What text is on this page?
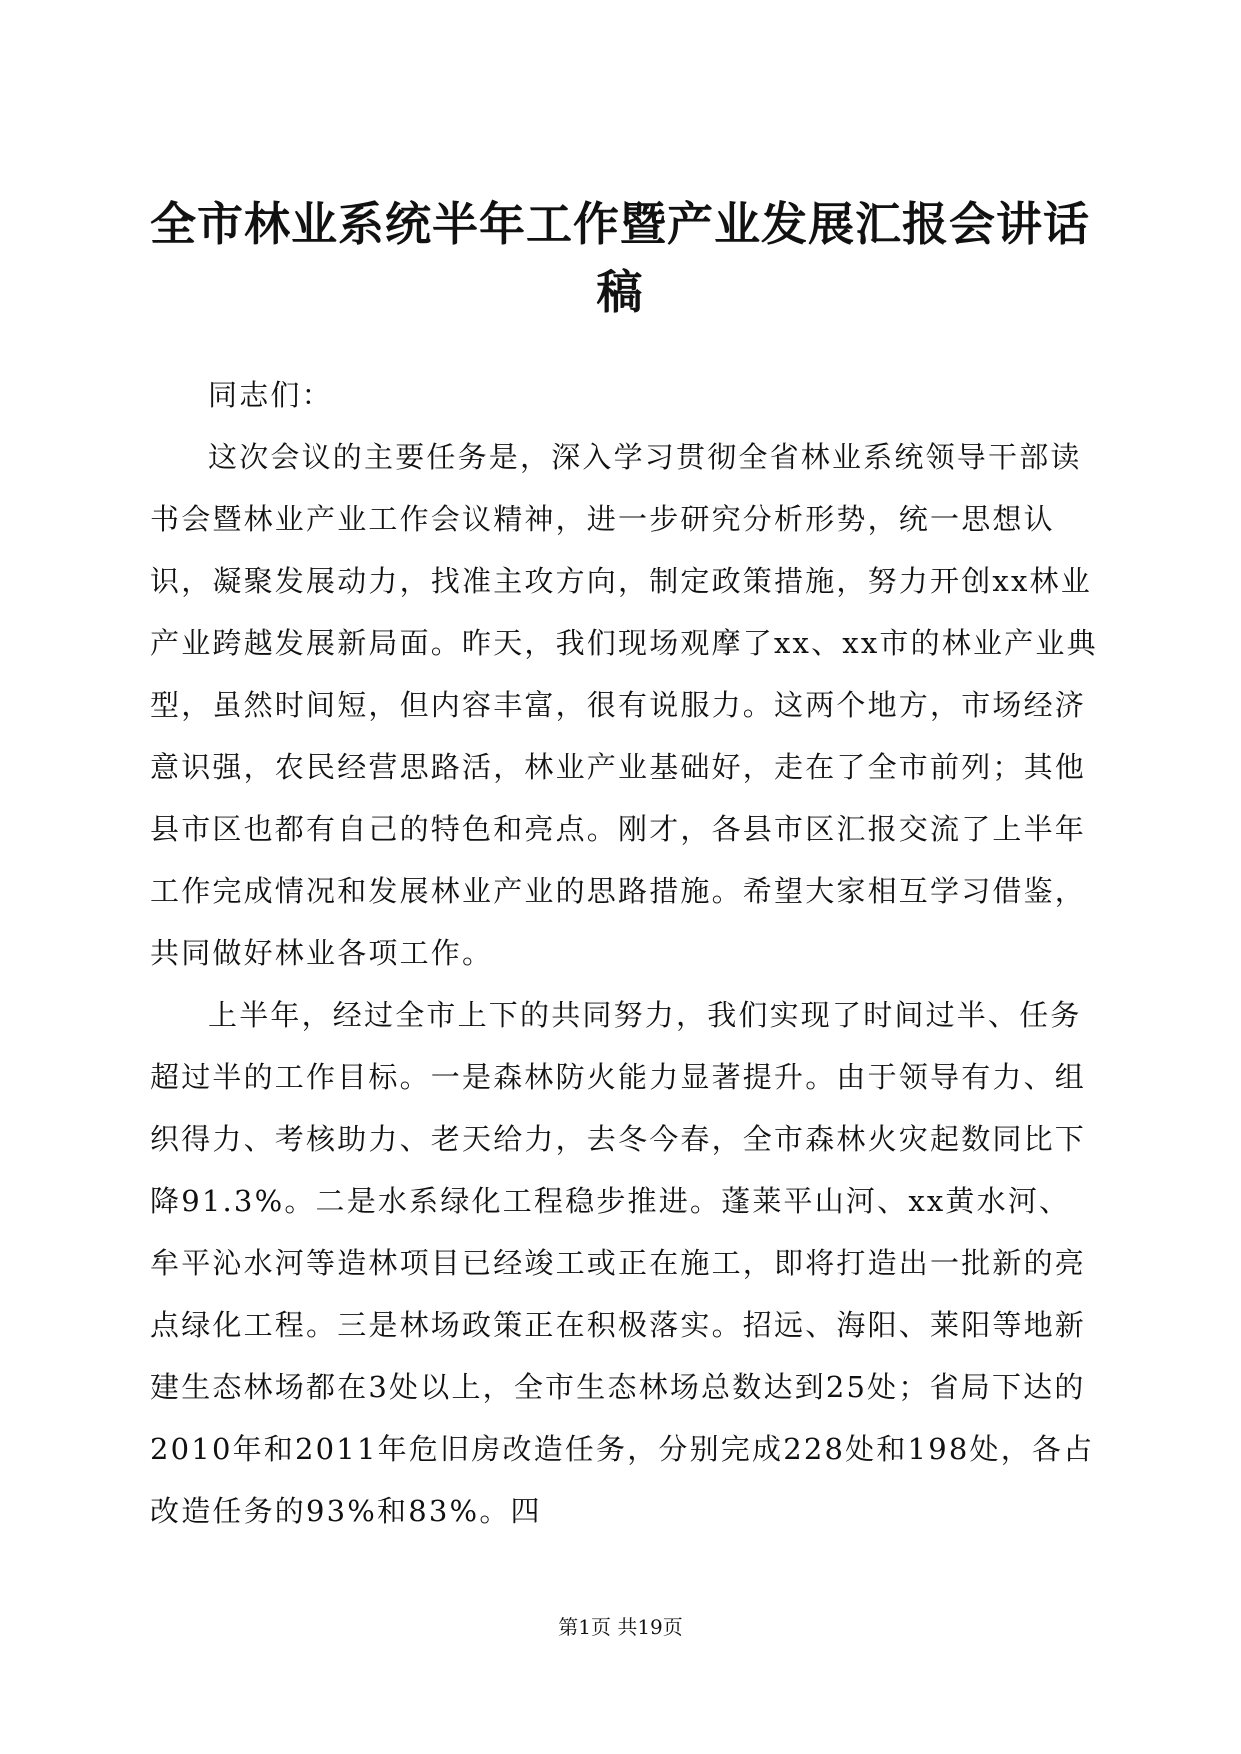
全市林业系统半年工作暨产业发展汇报会讲话稿

同志们：

这次会议的主要任务是，深入学习贯彻全省林业系统领导干部读书会暨林业产业工作会议精神，进一步研究分析形势，统一思想认识，凝聚发展动力，找准主攻方向，制定政策措施，努力开创xx林业产业跨越发展新局面。昨天，我们现场观摩了xx、xx市的林业产业典型，虽然时间短，但内容丰富，很有说服力。这两个地方，市场经济意识强，农民经营思路活，林业产业基础好，走在了全市前列；其他县市区也都有自己的特色和亮点。刚才，各县市区汇报交流了上半年工作完成情况和发展林业产业的思路措施。希望大家相互学习借鉴，共同做好林业各项工作。

上半年，经过全市上下的共同努力，我们实现了时间过半、任务超过半的工作目标。一是森林防火能力显著提升。由于领导有力、组织得力、考核助力、老天给力，去冬今春，全市森林火灾起数同比下降91.3%。二是水系绿化工程稳步推进。蓬莱平山河、xx黄水河、牟平沁水河等造林项目已经竣工或正在施工，即将打造出一批新的亮点绿化工程。三是林场政策正在积极落实。招远、海阳、莱阳等地新建生态林场都在3处以上，全市生态林场总数达到25处；省局下达的2010年和2011年危旧房改造任务，分别完成228处和198处，各占改造任务的93%和83%。四

第1页 共19页
